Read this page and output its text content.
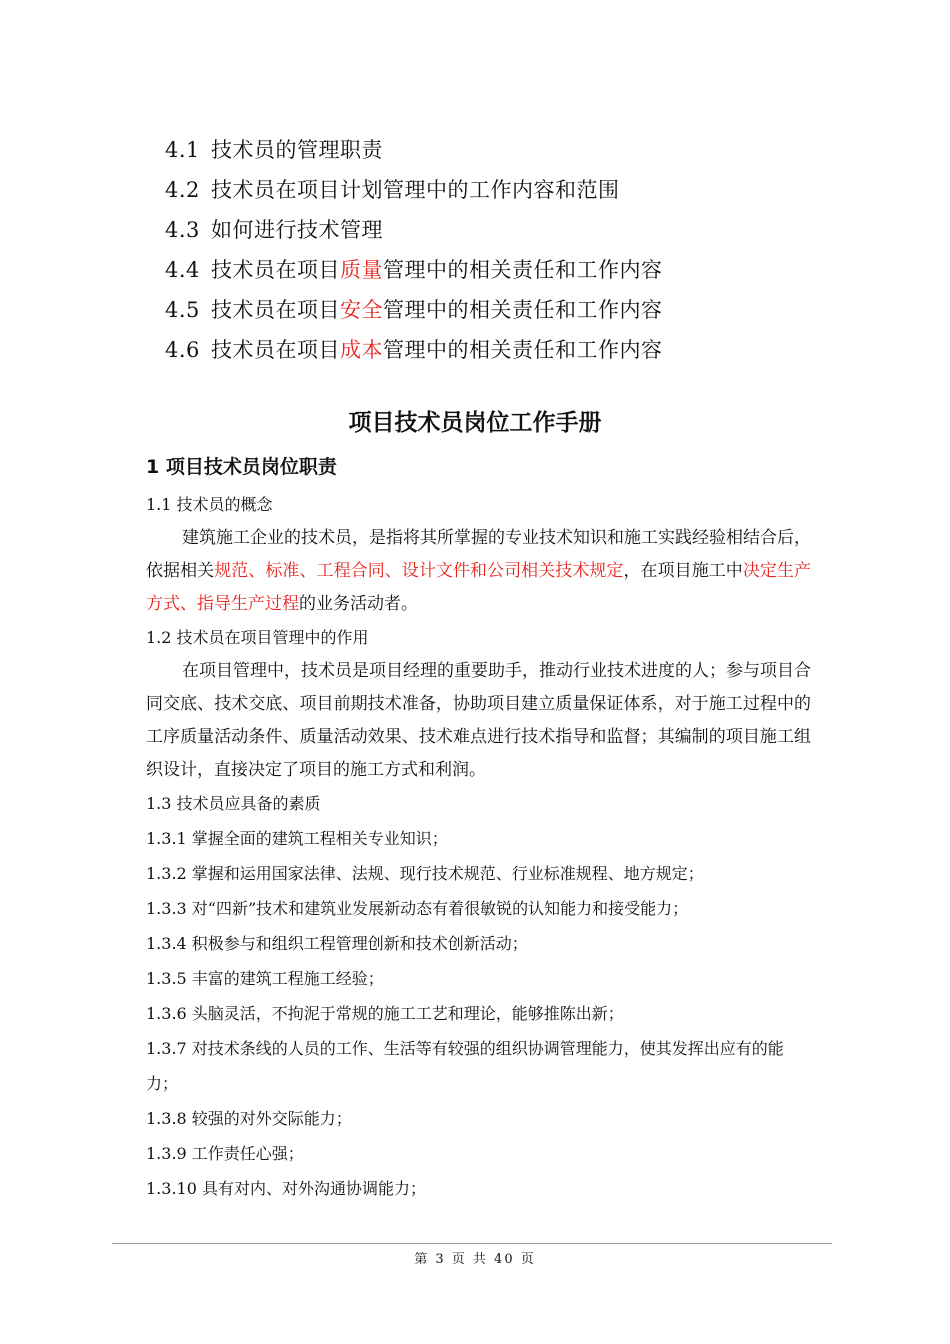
4.1 技术员的管理职责
4.2 技术员在项目计划管理中的工作内容和范围
4.3 如何进行技术管理
4.4 技术员在项目质量管理中的相关责任和工作内容
4.5 技术员在项目安全管理中的相关责任和工作内容
4.6 技术员在项目成本管理中的相关责任和工作内容
项目技术员岗位工作手册
1 项目技术员岗位职责
1.1 技术员的概念

建筑施工企业的技术员，是指将其所掌握的专业技术知识和施工实践经验相结合后，依据相关规范、标准、工程合同、设计文件和公司相关技术规定，在项目施工中决定生产方式、指导生产过程的业务活动者。

1.2 技术员在项目管理中的作用

在项目管理中，技术员是项目经理的重要助手，推动行业技术进度的人；参与项目合同交底、技术交底、项目前期技术准备，协助项目建立质量保证体系，对于施工过程中的工序质量活动条件、质量活动效果、技术难点进行技术指导和监督；其编制的项目施工组织设计，直接决定了项目的施工方式和利润。

1.3 技术员应具备的素质
1.3.1 掌握全面的建筑工程相关专业知识；
1.3.2 掌握和运用国家法律、法规、现行技术规范、行业标准规程、地方规定；
1.3.3 对“四新”技术和建筑业发展新动态有着很敏锐的认知能力和接受能力；
1.3.4 积极参与和组织工程管理创新和技术创新活动；
1.3.5 丰富的建筑工程施工经验；
1.3.6 头脑灵活，不拘泥于常规的施工工艺和理论，能够推陈出新；
1.3.7 对技术条线的人员的工作、生活等有较强的组织协调管理能力，使其发挥出应有的能力；
1.3.8 较强的对外交际能力；
1.3.9 工作责任心强；
1.3.10 具有对内、对外沟通协调能力；
第 3 页 共 40 页
